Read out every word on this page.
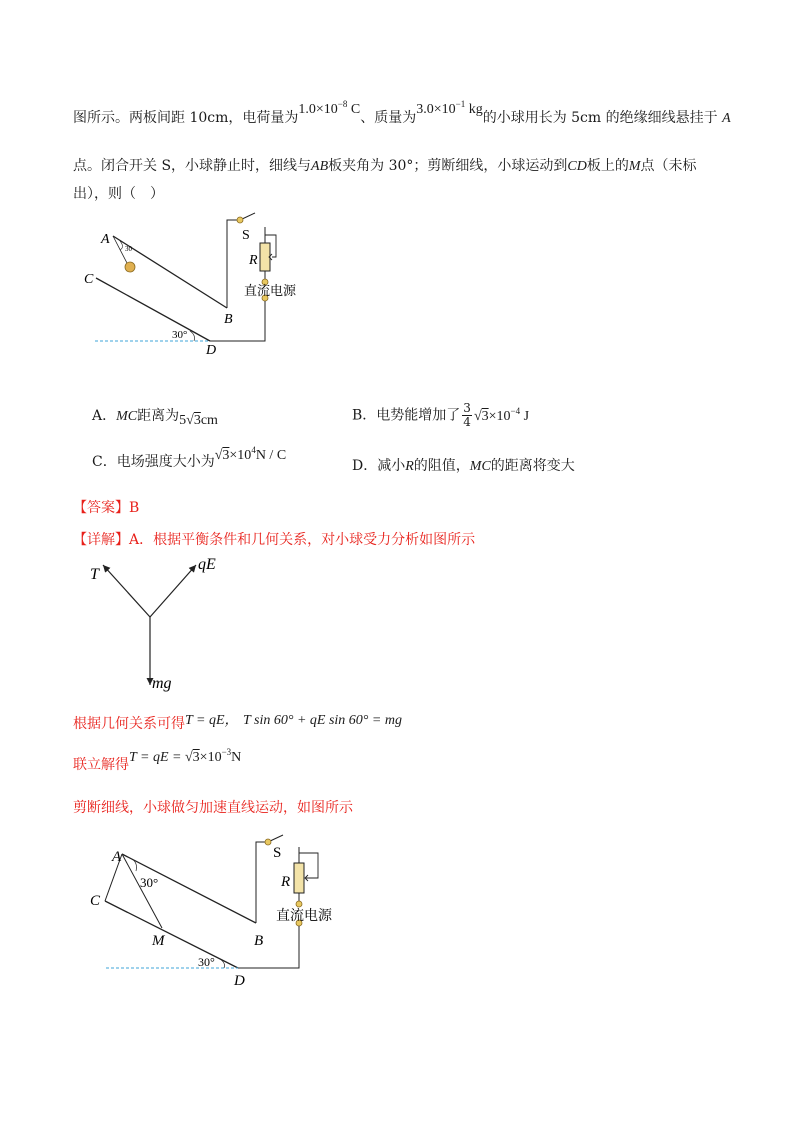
图所示。两板间距 10cm，电荷量为$1.0\times 10^{-8}$ C、质量为$3.0\times 10^{-1}$ kg的小球用长为 5cm 的绝缘细线悬挂于 A
点。闭合开关 S，小球静止时，细线与AB板夹角为 30°；剪断细线，小球运动到CD板上的M点（未标
出），则（　）
A
C
B
D
S
R
30
30°
直流电源
A．MC距离为5√3cm	B．电势能增加了 $\frac{3}{4} √3\times 10^{-4}$ J
C．电场强度大小为$√3\times 10^4N / C$
D．减小R的阻值，MC的距离将变大
【答案】B
【详解】A．根据平衡条件和几何关系，对小球受力分析如图所示
T
qE
mg
根据几何关系可得T = qE， T sin 60° + qE sin 60° = mg
联立解得T = qE = $√3\times 10^{-3}N$
剪断细线，小球做匀加速直线运动，如图所示
A
C
M	B
D
S
R
30°
30°
直流电源
